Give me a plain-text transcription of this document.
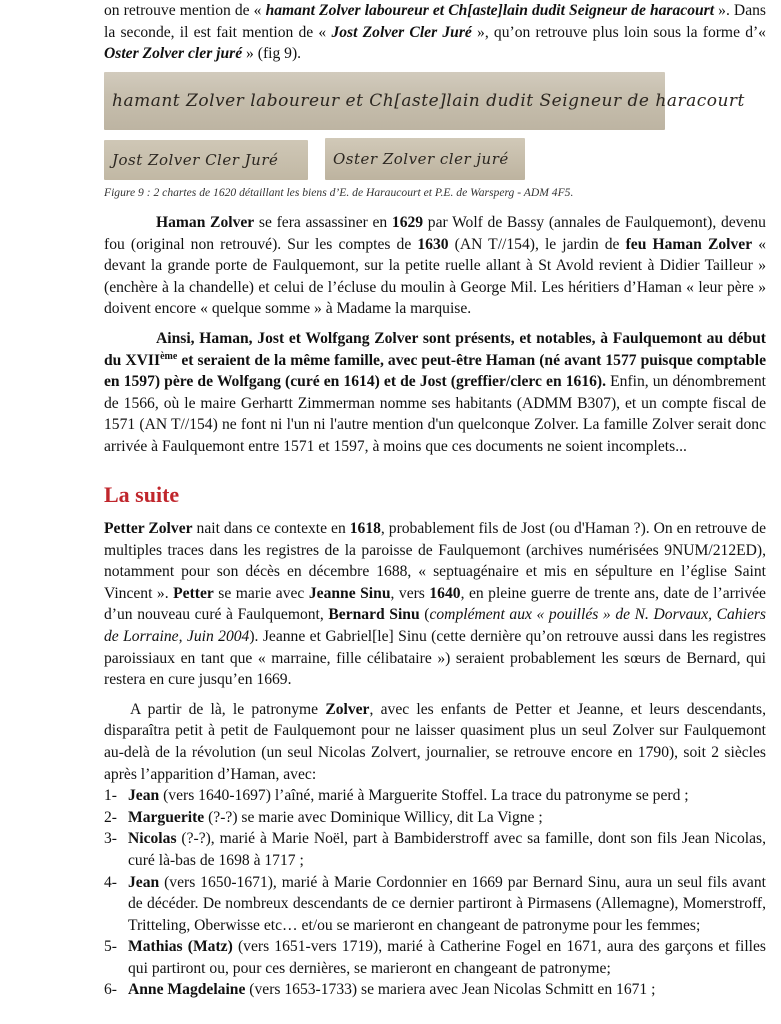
on retrouve mention de « hamant Zolver laboureur et Ch[aste]lain dudit Seigneur de haracourt ». Dans la seconde, il est fait mention de « Jost Zolver Cler Juré », qu’on retrouve plus loin sous la forme d’« Oster Zolver cler juré » (fig 9).

hamant Zolver laboureur et Ch[aste]lain dudit Seigneur de haracourt
Jost Zolver Cler Juré	Oster Zolver cler juré
Figure 9 : 2 chartes de 1620 détaillant les biens d’E. de Haraucourt et P.E. de Warsperg - ADM 4F5.

Haman Zolver se fera assassiner en 1629 par Wolf de Bassy (annales de Faulquemont), devenu fou (original non retrouvé). Sur les comptes de 1630 (AN T//154), le jardin de feu Haman Zolver « devant la grande porte de Faulquemont, sur la petite ruelle allant à St Avold revient à Didier Tailleur » (enchère à la chandelle) et celui de l’écluse du moulin à George Mil. Les héritiers d’Haman « leur père » doivent encore « quelque somme » à Madame la marquise.

Ainsi, Haman, Jost et Wolfgang Zolver sont présents, et notables, à Faulquemont au début du XVIIème et seraient de la même famille, avec peut-être Haman (né avant 1577 puisque comptable en 1597) père de Wolfgang (curé en 1614) et de Jost (greffier/clerc en 1616). Enfin, un dénombrement de 1566, où le maire Gerhartt Zimmerman nomme ses habitants (ADMM B307), et un compte fiscal de 1571 (AN T//154) ne font ni l'un ni l'autre mention d'un quelconque Zolver. La famille Zolver serait donc arrivée à Faulquemont entre 1571 et 1597, à moins que ces documents ne soient incomplets...

La suite

Petter Zolver nait dans ce contexte en 1618, probablement fils de Jost (ou d'Haman ?). On en retrouve de multiples traces dans les registres de la paroisse de Faulquemont (archives numérisées 9NUM/212ED), notamment pour son décès en décembre 1688, « septuagénaire et mis en sépulture en l’église Saint Vincent ». Petter se marie avec Jeanne Sinu, vers 1640, en pleine guerre de trente ans, date de l’arrivée d’un nouveau curé à Faulquemont, Bernard Sinu (complément aux « pouillés » de N. Dorvaux, Cahiers de Lorraine, Juin 2004). Jeanne et Gabriel[le] Sinu (cette dernière qu’on retrouve aussi dans les registres paroissiaux en tant que « marraine, fille célibataire ») seraient probablement les sœurs de Bernard, qui restera en cure jusqu’en 1669.

A partir de là, le patronyme Zolver, avec les enfants de Petter et Jeanne, et leurs descendants, disparaîtra petit à petit de Faulquemont pour ne laisser quasiment plus un seul Zolver sur Faulquemont au-delà de la révolution (un seul Nicolas Zolvert, journalier, se retrouve encore en 1790), soit 2 siècles après l’apparition d’Haman, avec:

1- Jean (vers 1640-1697) l’aîné, marié à Marguerite Stoffel. La trace du patronyme se perd ;
2- Marguerite (?-?) se marie avec Dominique Willicy, dit La Vigne ;
3- Nicolas (?-?), marié à Marie Noël, part à Bambiderstroff avec sa famille, dont son fils Jean Nicolas, curé là-bas de 1698 à 1717 ;
4- Jean (vers 1650-1671), marié à Marie Cordonnier en 1669 par Bernard Sinu, aura un seul fils avant de décéder. De nombreux descendants de ce dernier partiront à Pirmasens (Allemagne), Momerstroff, Tritteling, Oberwisse etc… et/ou se marieront en changeant de patronyme pour les femmes;
5- Mathias (Matz) (vers 1651-vers 1719), marié à Catherine Fogel en 1671, aura des garçons et filles qui partiront ou, pour ces dernières, se marieront en changeant de patronyme;
6- Anne Magdelaine (vers 1653-1733) se mariera avec Jean Nicolas Schmitt en 1671 ;
